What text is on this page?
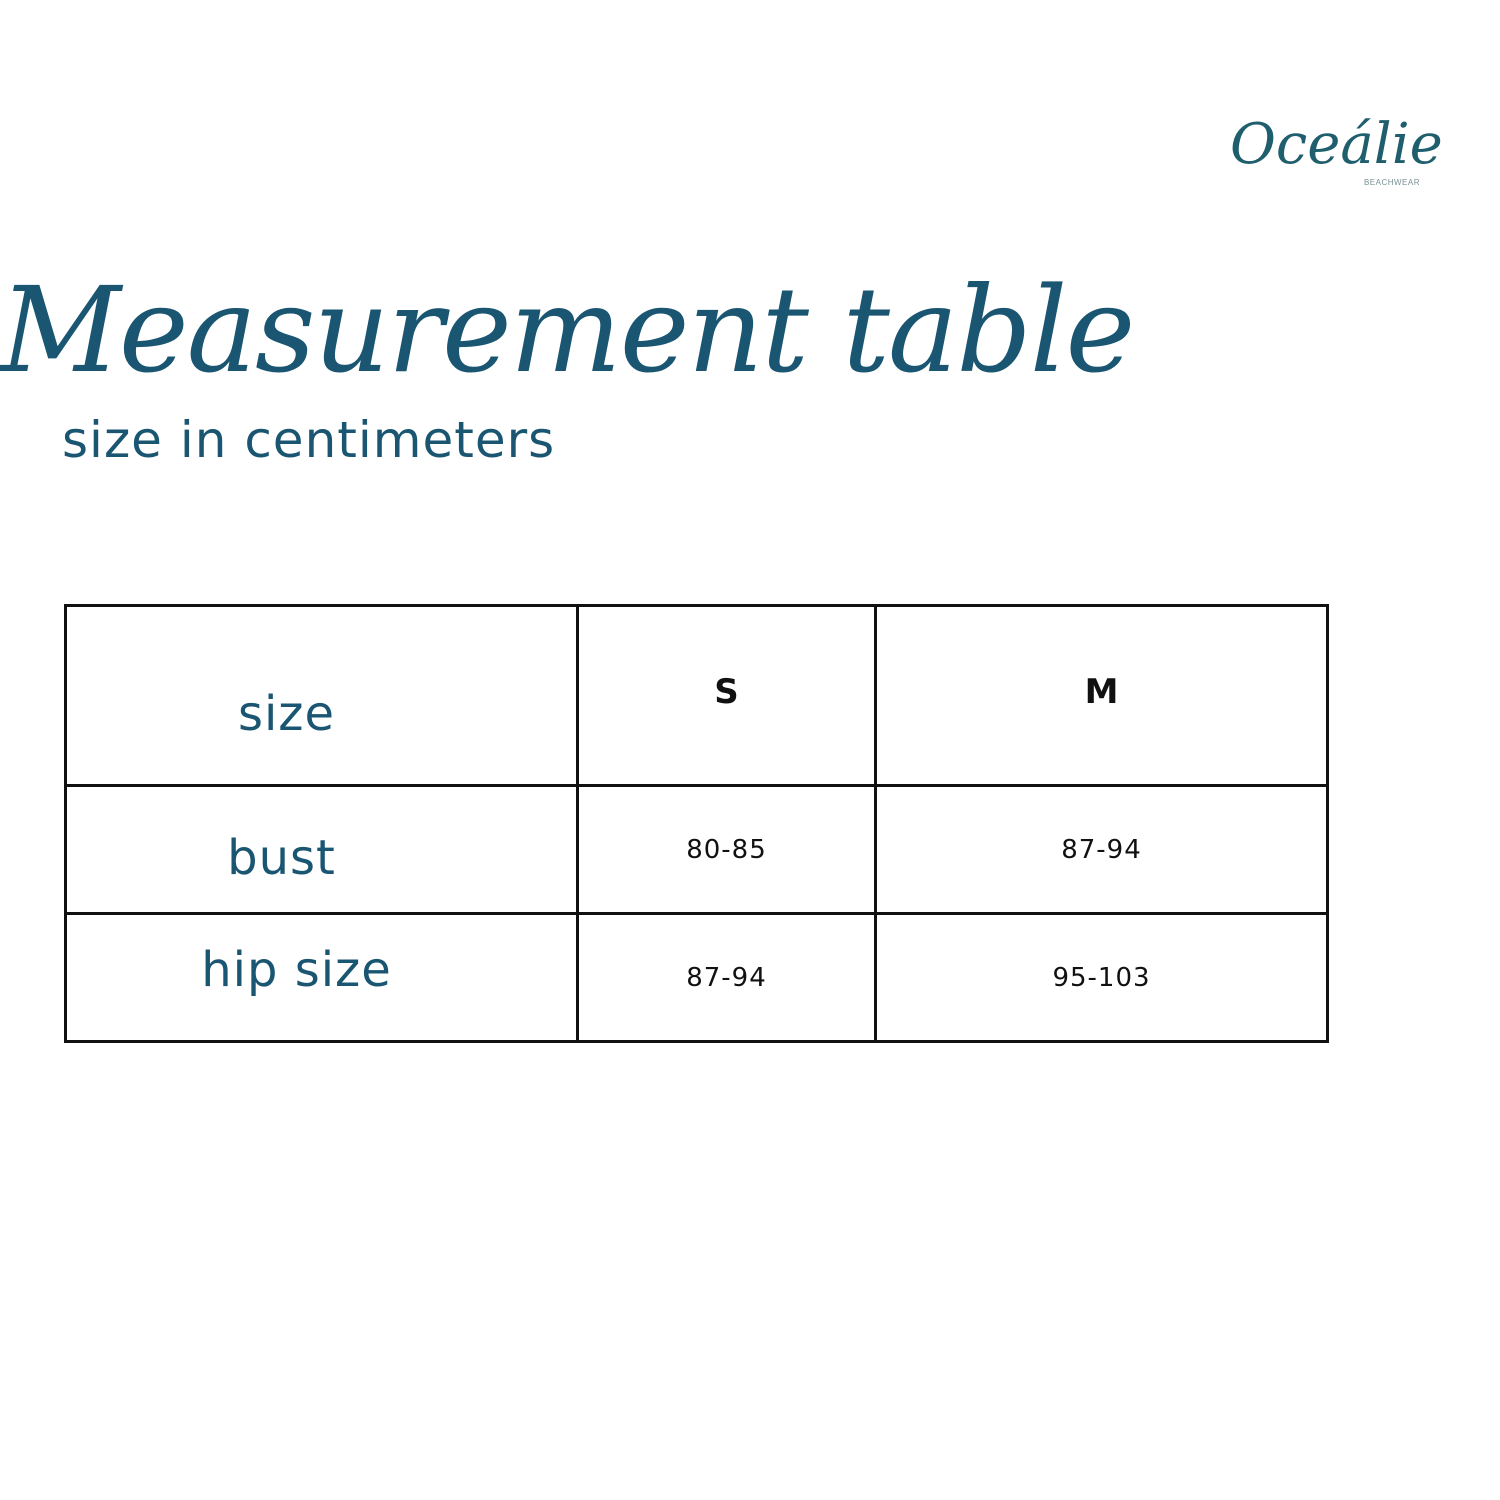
Oceálie
BEACHWEAR
Measurement table
size in centimeters
size	S	M
bust	80-85	87-94
hip size	87-94	95-103
